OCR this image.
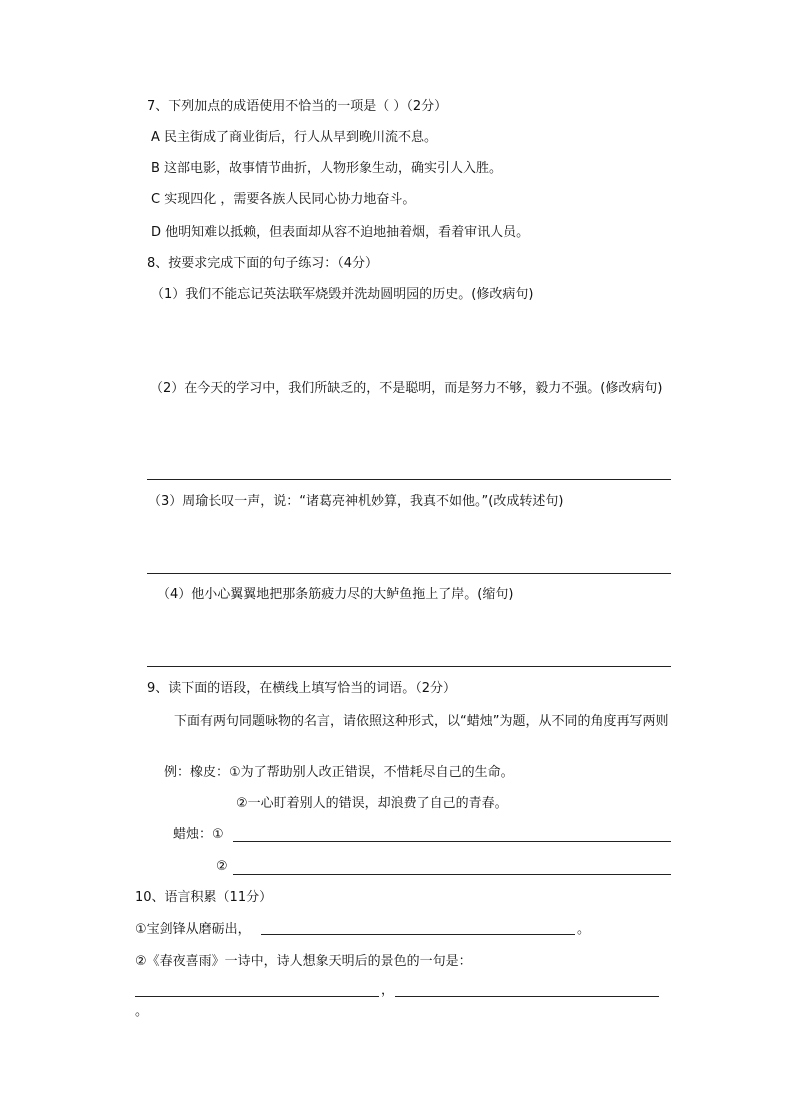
7、下列加点的成语使用不恰当的一项是（ ）（2分）
A 民主街成了商业街后，行人从早到晚川流不息。
B 这部电影，故事情节曲折，人物形象生动，确实引人入胜。
C 实现四化 ，需要各族人民同心协力地奋斗。
D 他明知难以抵赖，但表面却从容不迫地抽着烟，看着审讯人员。
8、按要求完成下面的句子练习：（4分）
（1）我们不能忘记英法联军烧毁并洗劫圆明园的历史。(修改病句)
（2）在今天的学习中，我们所缺乏的，不是聪明，而是努力不够，毅力不强。(修改病句)
（3）周瑜长叹一声，说：“诸葛亮神机妙算，我真不如他。”(改成转述句)
（4）他小心翼翼地把那条筋疲力尽的大鲈鱼拖上了岸。(缩句)
9、读下面的语段，在横线上填写恰当的词语。（2分）
下面有两句同题咏物的名言，请依照这种形式，以“蜡烛”为题，从不同的角度再写两则
例：橡皮：①为了帮助别人改正错误，不惜耗尽自己的生命。
②一心盯着别人的错误，却浪费了自己的青春。
蜡烛：①
②
10、语言积累（11分）
①宝剑锋从磨砺出，	。
②《春夜喜雨》一诗中，诗人想象天明后的景色的一句是：
，
。
